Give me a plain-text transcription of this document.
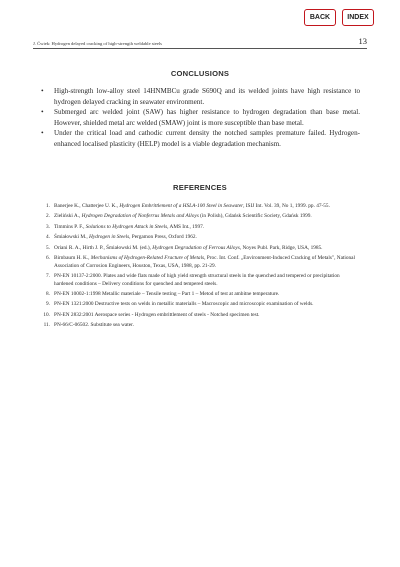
BACK	INDEX
J. Ćwiek: Hydrogen delayed cracking of high-strength weldable steels	13
CONCLUSIONS
• High-strength low-alloy steel 14HNMBCu grade S690Q and its welded joints have high resistance to hydrogen delayed cracking in seawater environment.
• Submerged arc welded joint (SAW) has higher resistance to hydrogen degradation than base metal. However, shielded metal arc welded (SMAW) joint is more susceptible than base metal.
• Under the critical load and cathodic current density the notched samples premature failed. Hydrogen-enhanced localised plasticity (HELP) model is a viable degradation mechanism.
REFERENCES
1. Banerjee K., Chatterjee U. K., Hydrogen Embrittlement of a HSLA-100 Steel in Seawater, ISIJ Int. Vol. 39, No 1, 1999. pp. 47-55.
2. Zieliński A., Hydrogen Degradation of Nonferrus Metals and Alloys (in Polish), Gdańsk Scientific Society, Gdańsk 1999.
3. Timmins P. F., Solutions to Hydrogen Attack in Steels, AMS Int., 1997.
4. Śmiałowski M., Hydrogen in Steels, Pergamon Press, Oxford 1962.
5. Oriani R. A., Hirth J. P., Śmiałowski M. (ed.), Hydrogen Degradation of Ferrous Alloys, Noyes Publ. Park, Ridge, USA, 1985.
6. Birnbaum H. K., Mechanisms of Hydrogen-Related Fracture of Metals, Proc. Int. Conf. „Environment-Induced Cracking of Metals", National Association of Corrosion Engineers, Houston, Texas, USA, 1988, pp. 21-29.
7. PN-EN 10137-2:2000. Plates and wide flats made of high yield strength structural steels in the quenched and tempered or precipitation hardened conditions – Delivery conditions for quenched and tempered steels.
8. PN-EN 10002-1:1998 Metallic materiale – Tensile testing – Part 1 – Metod of test at ambitne temperature.
9. PN-EN 1321:2000 Destructive tests on welds in metallic materialls – Macroscopic and microscopic examination of welds.
10. PN-EN 2832:2001 Aerospace series - Hydrogen embrittlement of steels - Notched specimen test.
11. PN-66/C-06502. Substitute sea water.
